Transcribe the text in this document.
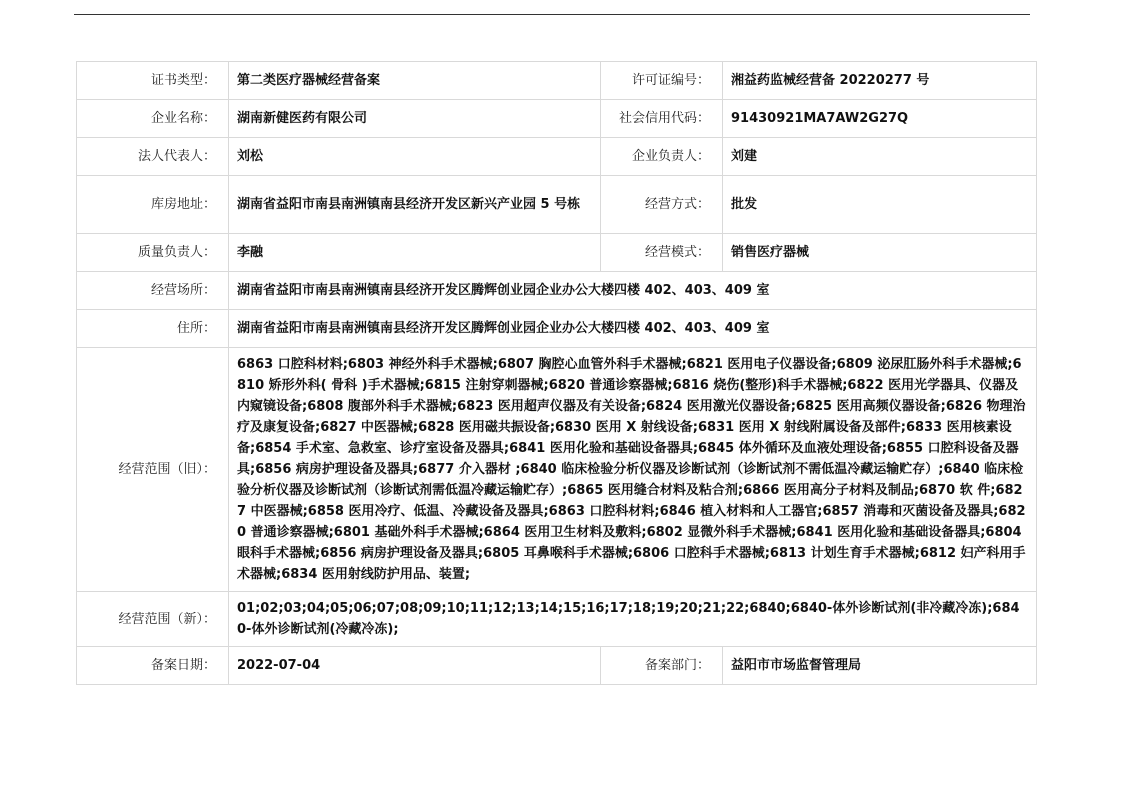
证书类型：	第二类医疗器械经营备案	许可证编号：	湘益药监械经营备 20220277 号
企业名称：	湖南新健医药有限公司	社会信用代码：	91430921MA7AW2G27Q
法人代表人：	刘松	企业负责人：	刘建
库房地址：	湖南省益阳市南县南洲镇南县经济开发区新兴产业园 5 号栋	经营方式：	批发
质量负责人：	李融	经营模式：	销售医疗器械
经营场所：	湖南省益阳市南县南洲镇南县经济开发区腾辉创业园企业办公大楼四楼 402、403、409 室		
住所：	湖南省益阳市南县南洲镇南县经济开发区腾辉创业园企业办公大楼四楼 402、403、409 室		
经营范围（旧）：	6863 口腔科材料;6803 神经外科手术器械;6807 胸腔心血管外科手术器械;6821 医用电子仪器设备;6809 泌尿肛肠外科手术器械;6810 矫形外科( 骨科 )手术器械;6815 注射穿刺器械;6820 普通诊察器械;6816 烧伤(整形)科手术器械;6822 医用光学器具、仪器及内窥镜设备;6808 腹部外科手术器械;6823 医用超声仪器及有关设备;6824 医用激光仪器设备;6825 医用高频仪器设备;6826 物理治疗及康复设备;6827 中医器械;6828 医用磁共振设备;6830 医用 X 射线设备;6831 医用 X 射线附属设备及部件;6833 医用核素设备;6854 手术室、急救室、诊疗室设备及器具;6841 医用化验和基础设备器具;6845 体外循环及血液处理设备;6855 口腔科设备及器具;6856 病房护理设备及器具;6877 介入器材 ;6840 临床检验分析仪器及诊断试剂（诊断试剂不需低温冷藏运输贮存）;6840 临床检验分析仪器及诊断试剂（诊断试剂需低温冷藏运输贮存）;6865 医用缝合材料及粘合剂;6866 医用高分子材料及制品;6870 软 件;6827 中医器械;6858 医用冷疗、低温、冷藏设备及器具;6863 口腔科材料;6846 植入材料和人工器官;6857 消毒和灭菌设备及器具;6820 普通诊察器械;6801 基础外科手术器械;6864 医用卫生材料及敷料;6802 显微外科手术器械;6841 医用化验和基础设备器具;6804 眼科手术器械;6856 病房护理设备及器具;6805 耳鼻喉科手术器械;6806 口腔科手术器械;6813 计划生育手术器械;6812 妇产科用手术器械;6834 医用射线防护用品、装置;		
经营范围（新）：	01;02;03;04;05;06;07;08;09;10;11;12;13;14;15;16;17;18;19;20;21;22;6840;6840-体外诊断试剂(非冷藏冷冻);6840-体外诊断试剂(冷藏冷冻);		
备案日期：	2022-07-04	备案部门：	益阳市市场监督管理局
